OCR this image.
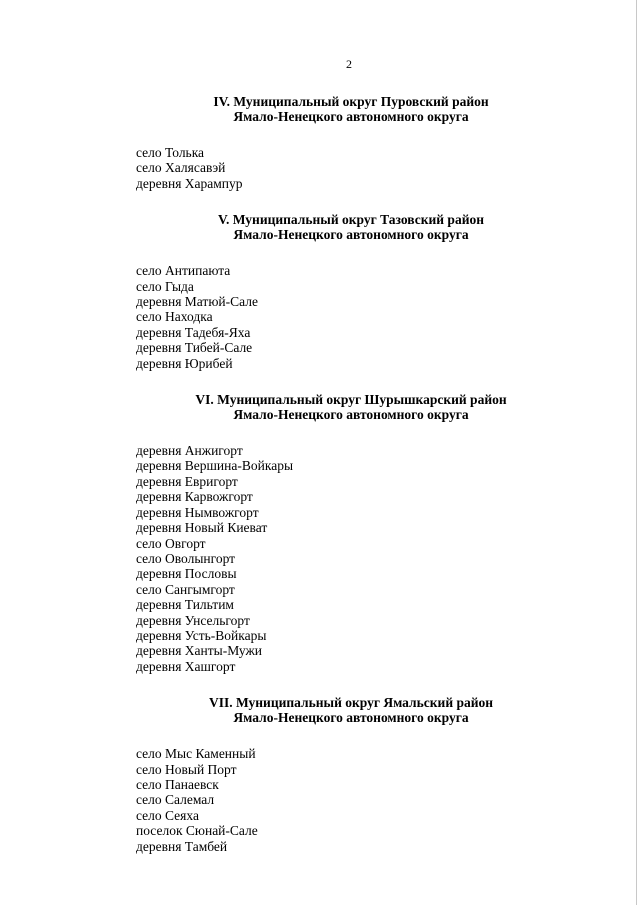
2
IV. Муниципальный округ Пуровский район
Ямало-Ненецкого автономного округа
село Толька
село Халясавэй
деревня Харампур
V. Муниципальный округ Тазовский район
Ямало-Ненецкого автономного округа
село Антипаюта
село Гыда
деревня Матюй-Сале
село Находка
деревня Тадебя-Яха
деревня Тибей-Сале
деревня Юрибей
VI. Муниципальный округ Шурышкарский район
Ямало-Ненецкого автономного округа
деревня Анжигорт
деревня Вершина-Войкары
деревня Евригорт
деревня Карвожгорт
деревня Нымвожгорт
деревня Новый Киеват
село Овгорт
село Оволынгорт
деревня Пословы
село Сангымгорт
деревня Тильтим
деревня Унсельгорт
деревня Усть-Войкары
деревня Ханты-Мужи
деревня Хашгорт
VII. Муниципальный округ Ямальский район
Ямало-Ненецкого автономного округа
село Мыс Каменный
село Новый Порт
село Панаевск
село Салемал
село Сеяха
поселок Сюнай-Сале
деревня Тамбей
